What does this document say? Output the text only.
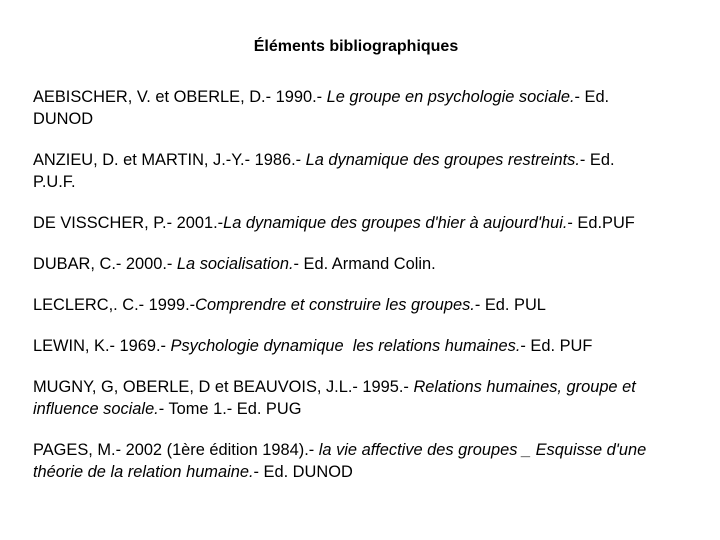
Éléments bibliographiques
AEBISCHER, V. et OBERLE, D.- 1990.- Le groupe en psychologie sociale.- Ed.
DUNOD
ANZIEU, D. et MARTIN, J.-Y.- 1986.- La dynamique des groupes restreints.- Ed.
P.U.F.
DE VISSCHER, P.- 2001.-La dynamique des groupes d'hier à aujourd'hui.- Ed.PUF
DUBAR, C.- 2000.- La socialisation.- Ed. Armand Colin.
LECLERC,. C.- 1999.-Comprendre et construire les groupes.- Ed. PUL
LEWIN, K.- 1969.- Psychologie dynamique  les relations humaines.- Ed. PUF
MUGNY, G, OBERLE, D et BEAUVOIS, J.L.- 1995.- Relations humaines, groupe et
influence sociale.- Tome 1.- Ed. PUG
PAGES, M.- 2002 (1ère édition 1984).- la vie affective des groupes _ Esquisse d'une
théorie de la relation humaine.- Ed. DUNOD
